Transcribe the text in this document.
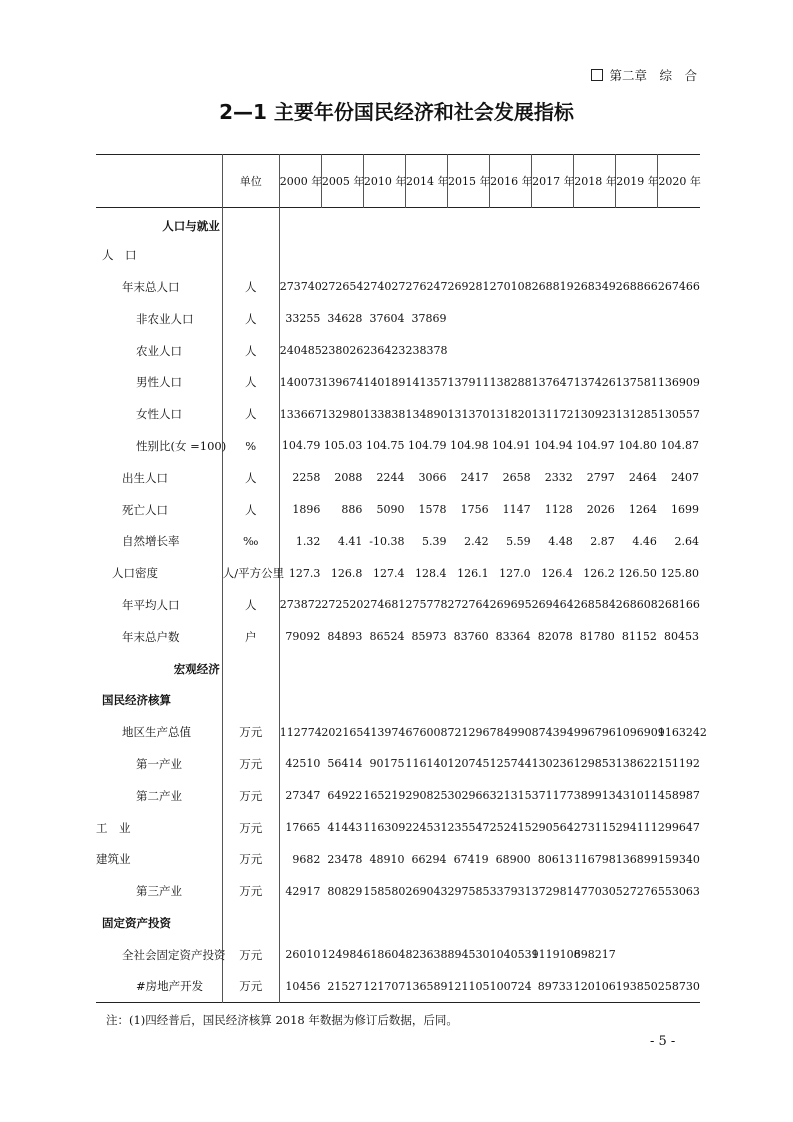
第二章　综　合
2—1 主要年份国民经济和社会发展指标
	单位	2000 年	2005 年	2010 年	2014 年	2015 年	2016 年	2017 年	2018 年	2019 年	2020 年
人口与就业											
人　口											
年末总人口	人	273740	272654	274027	276247	269281	270108	268819	268349	268866	267466
非农业人口	人	33255	34628	37604	37869						
农业人口	人	240485	238026	236423	238378						
男性人口	人	140073	139674	140189	141357	137911	138288	137647	137426	137581	136909
女性人口	人	133667	132980	133838	134890	131370	131820	131172	130923	131285	130557
性别比(女 =100)	%	104.79	105.03	104.75	104.79	104.98	104.91	104.94	104.97	104.80	104.87
出生人口	人	2258	2088	2244	3066	2417	2658	2332	2797	2464	2407
死亡人口	人	1896	886	5090	1578	1756	1147	1128	2026	1264	1699
自然增长率	‰	1.32	4.41	-10.38	5.39	2.42	5.59	4.48	2.87	4.46	2.64
人口密度	人/平方公里	127.3	126.8	127.4	128.4	126.1	127.0	126.4	126.2	126.50	125.80
年平均人口	人	273872	272520	274681	275778	272764	269695	269464	268584	268608	268166
年末总户数	户	79092	84893	86524	85973	83760	83364	82078	81780	81152	80453
宏观经济											
国民经济核算											
地区生产总值	万元	112774	202165	413974	676008	721296	784990	874394	996796	1096909	1163242
第一产业	万元	42510	56414	90175	116140	120745	125744	130236	129853	138622	151192
第二产业	万元	27347	64922	165219	290825	302966	321315	371177	389913	431011	458987
工　业	万元	17665	41443	116309	224531	235547	252415	290564	273115	294111	299647
建筑业	万元	9682	23478	48910	66294	67419	68900	80613	116798	136899	159340
第三产业	万元	42917	80829	158580	269043	297585	337931	372981	477030	527276	553063
固定资产投资											
全社会固定资产投资	万元	26010	124984	618604	823638	894530	1040539	1119108	698217		
#房地产开发	万元	10456	21527	121707	136589	121105	100724	89733	120106	193850	258730
注：(1)四经普后，国民经济核算 2018 年数据为修订后数据，后同。
- 5 -
